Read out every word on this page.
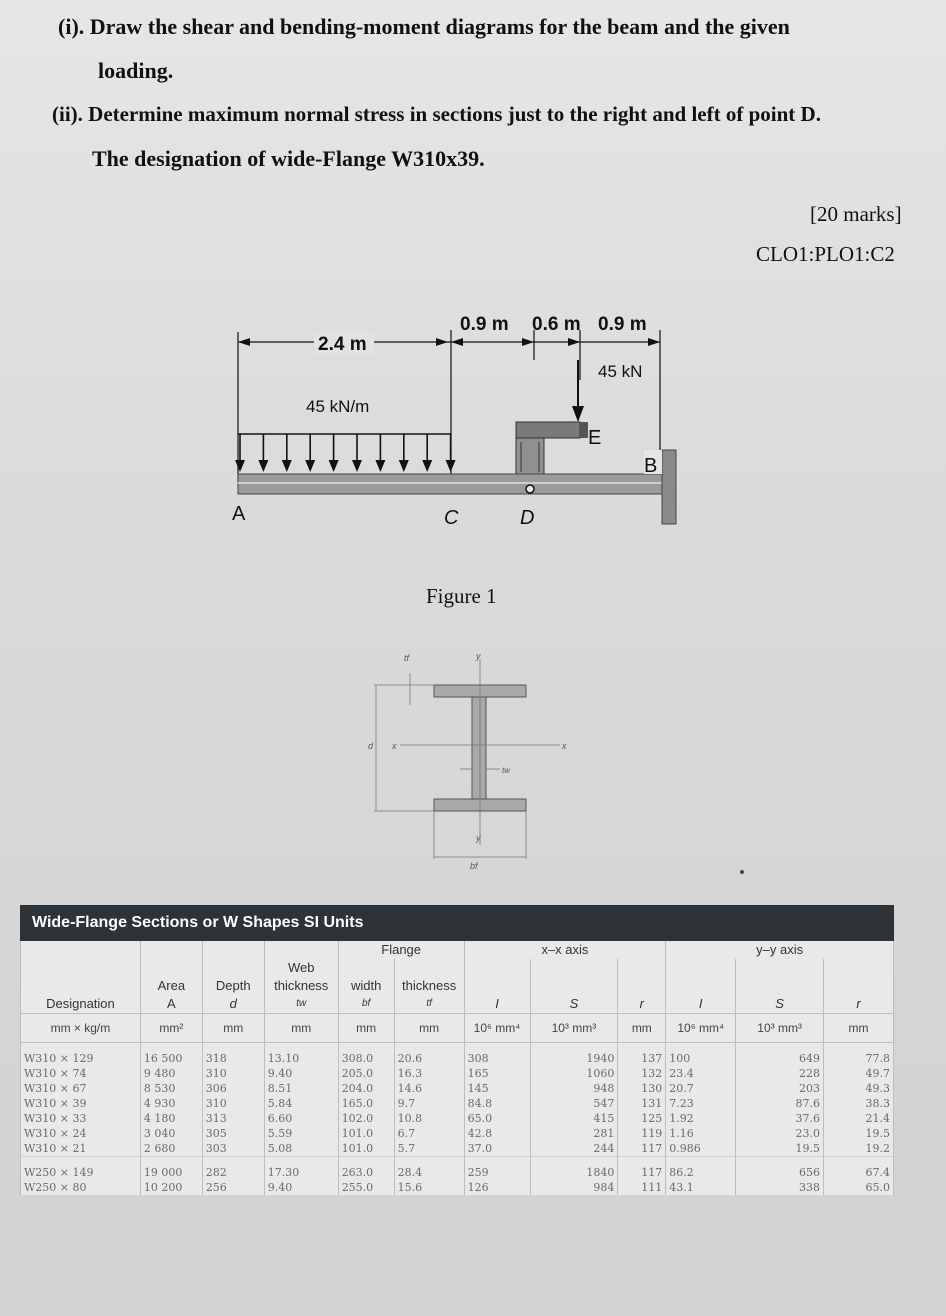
(i). Draw the shear and bending-moment diagrams for the beam and the given
loading.
(ii). Determine maximum normal stress in sections just to the right and left of point D.
The designation of wide-Flange W310x39.
[20 marks]
CLO1:PLO1:C2
2.4 m
0.9 m 0.6 m 0.9 m
45 kN
45 kN/m
E
B
A	C	D
Figure 1
tf	y
d x	x
tw
y
bf
Wide-Flange Sections or W Shapes SI Units
				Flange		x–x axis			y–y axis		
			Web								
	Area	Depth	thickness	width	thickness						
Designation	A	d	tw	bf	tf	I	S	r	I	S	r
mm × kg/m	mm²	mm	mm	mm	mm	10⁶ mm⁴	10³ mm³	mm	10⁶ mm⁴	10³ mm³	mm

W310 × 129	16 500	318	13.10	308.0	20.6	308	1940	137	100	649	77.8
W310 × 74	9 480	310	9.40	205.0	16.3	165	1060	132	23.4	228	49.7
W310 × 67	8 530	306	8.51	204.0	14.6	145	948	130	20.7	203	49.3
W310 × 39	4 930	310	5.84	165.0	9.7	84.8	547	131	7.23	87.6	38.3
W310 × 33	4 180	313	6.60	102.0	10.8	65.0	415	125	1.92	37.6	21.4
W310 × 24	3 040	305	5.59	101.0	6.7	42.8	281	119	1.16	23.0	19.5
W310 × 21	2 680	303	5.08	101.0	5.7	37.0	244	117	0.986	19.5	19.2

W250 × 149	19 000	282	17.30	263.0	28.4	259	1840	117	86.2	656	67.4
W250 × 80	10 200	256	9.40	255.0	15.6	126	984	111	43.1	338	65.0
